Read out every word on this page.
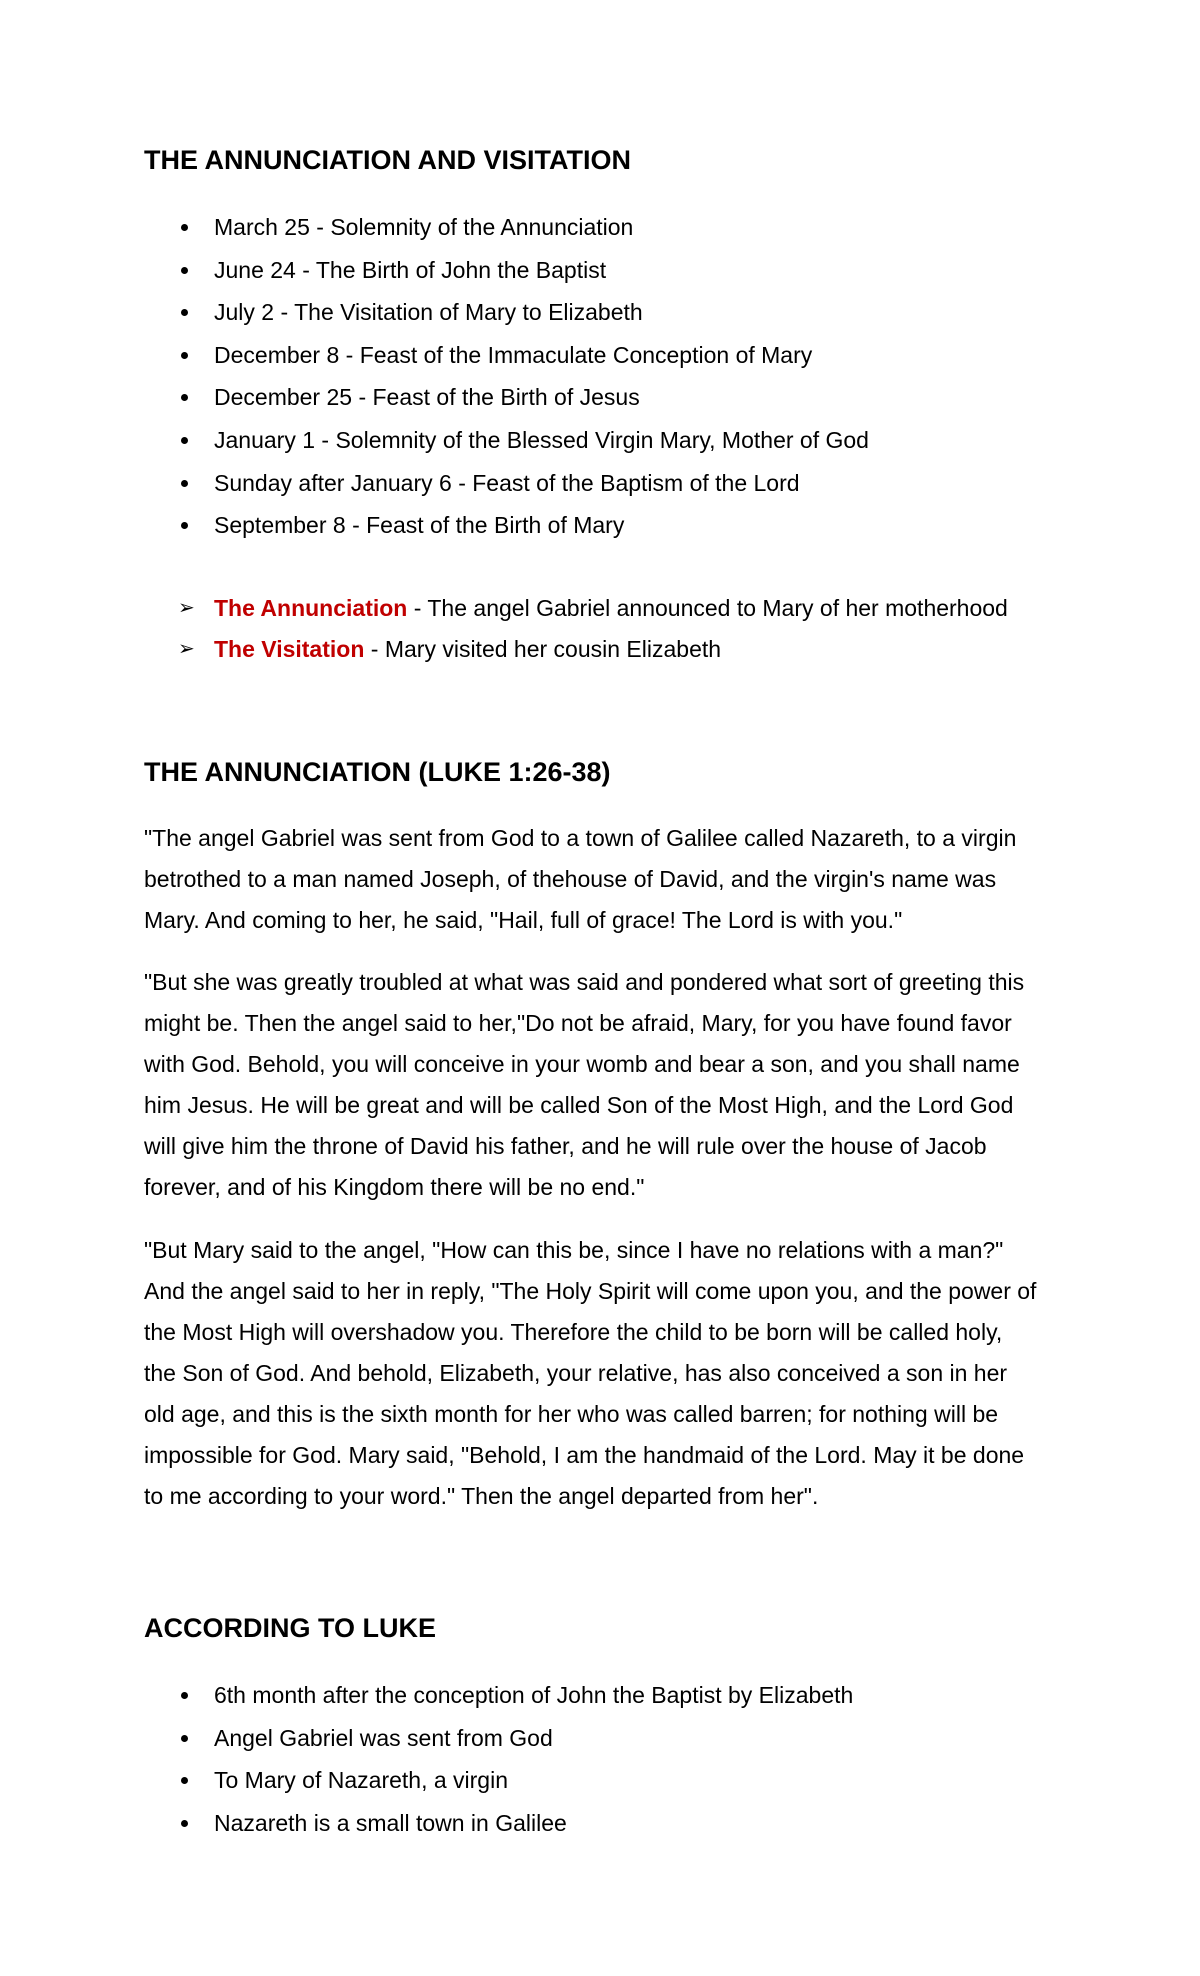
THE ANNUNCIATION AND VISITATION
March 25 - Solemnity of the Annunciation
June 24 - The Birth of John the Baptist
July 2 - The Visitation of Mary to Elizabeth
December 8 - Feast of the Immaculate Conception of Mary
December 25 - Feast of the Birth of Jesus
January 1 - Solemnity of the Blessed Virgin Mary, Mother of God
Sunday after January 6 - Feast of the Baptism of the Lord
September 8 - Feast of the Birth of Mary
➢ The Annunciation - The angel Gabriel announced to Mary of her motherhood
➢ The Visitation - Mary visited her cousin Elizabeth
THE ANNUNCIATION (LUKE 1:26-38)

"The angel Gabriel was sent from God to a town of Galilee called Nazareth, to a virgin
betrothed to a man named Joseph, of thehouse of David, and the virgin's name was
Mary. And coming to her, he said, "Hail, full of grace! The Lord is with you."

"But she was greatly troubled at what was said and pondered what sort of greeting this
might be. Then the angel said to her,"Do not be afraid, Mary, for you have found favor
with God. Behold, you will conceive in your womb and bear a son, and you shall name
him Jesus. He will be great and will be called Son of the Most High, and the Lord God
will give him the throne of David his father, and he will rule over the house of Jacob
forever, and of his Kingdom there will be no end."

"But Mary said to the angel, "How can this be, since I have no relations with a man?"
And the angel said to her in reply, "The Holy Spirit will come upon you, and the power of
the Most High will overshadow you. Therefore the child to be born will be called holy,
the Son of God. And behold, Elizabeth, your relative, has also conceived a son in her
old age, and this is the sixth month for her who was called barren; for nothing will be
impossible for God. Mary said, "Behold, I am the handmaid of the Lord. May it be done
to me according to your word." Then the angel departed from her".

ACCORDING TO LUKE
6th month after the conception of John the Baptist by Elizabeth
Angel Gabriel was sent from God
To Mary of Nazareth, a virgin
Nazareth is a small town in Galilee
